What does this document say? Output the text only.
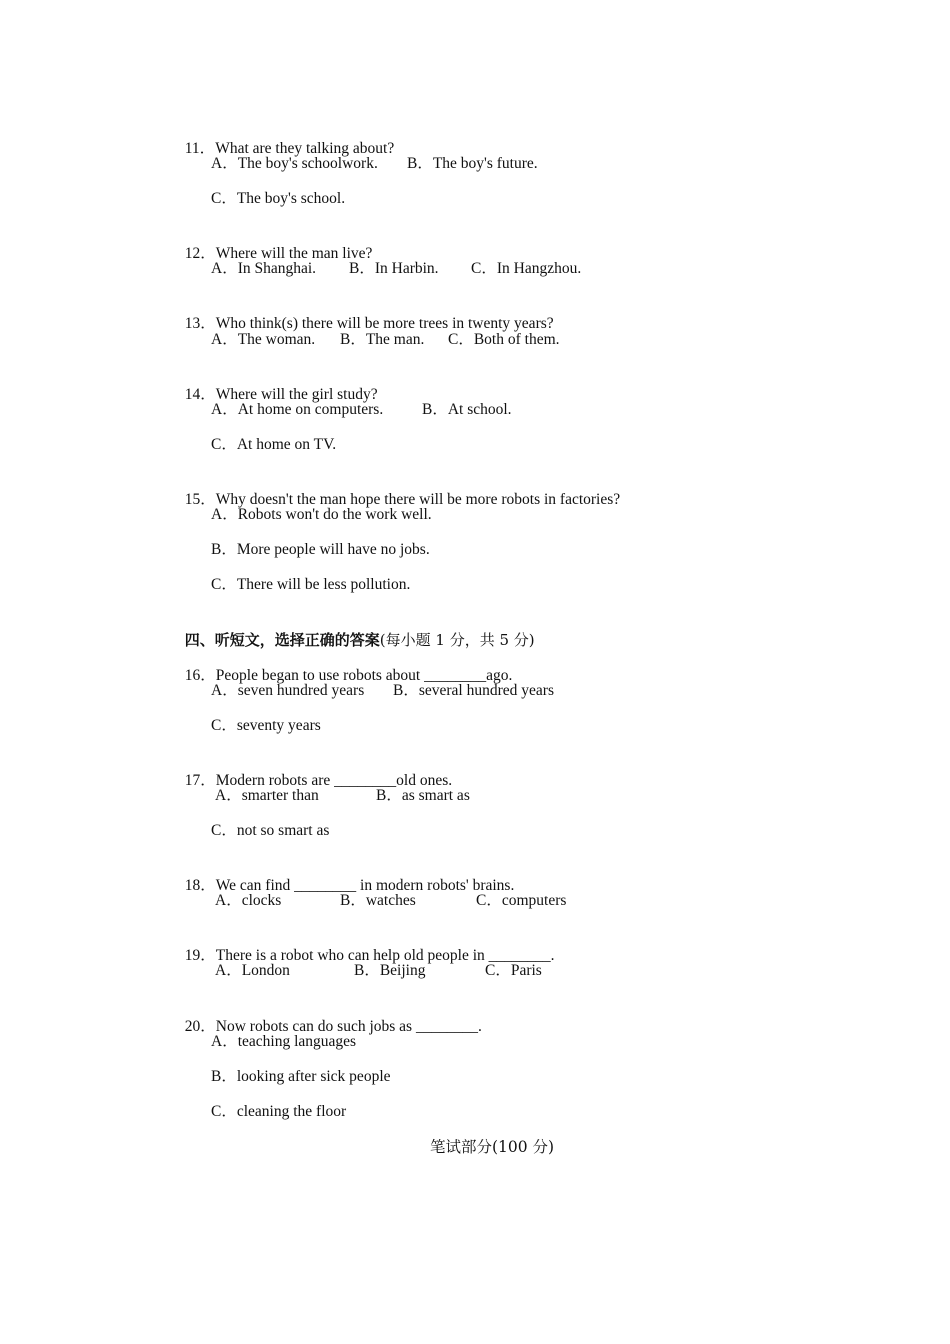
11．What are they talking about?

A．The boy's schoolwork. B．The boy's future.
C．The boy's school.

12．Where will the man live?

A．In Shanghai. B．In Harbin. C．In Hangzhou.

13．Who think(s) there will be more trees in twenty years?

A．The woman. B．The man. C．Both of them.

14．Where will the girl study?

A．At home on computers.	B．At school.
C．At home on TV.

15．Why doesn't the man hope there will be more robots in factories?

A．Robots won't do the work well.
B．More people will have no jobs.
C．There will be less pollution.

四、听短文，选择正确的答案(每小题 1 分，共 5 分)

16．People began to use robots about ________ago.

A．seven hundred years B．several hundred years
C．seventy years

17．Modern robots are ________old ones.

A．smarter than	B．as smart as
C．not so smart as

18．We can find ________ in modern robots' brains.

A．clocks	B．watches	C．computers

19．There is a robot who can help old people in ________.

A．London	B．Beijing	C．Paris

20．Now robots can do such jobs as ________.

A．teaching languages
B．looking after sick people
C．cleaning the floor
笔试部分(100 分)
